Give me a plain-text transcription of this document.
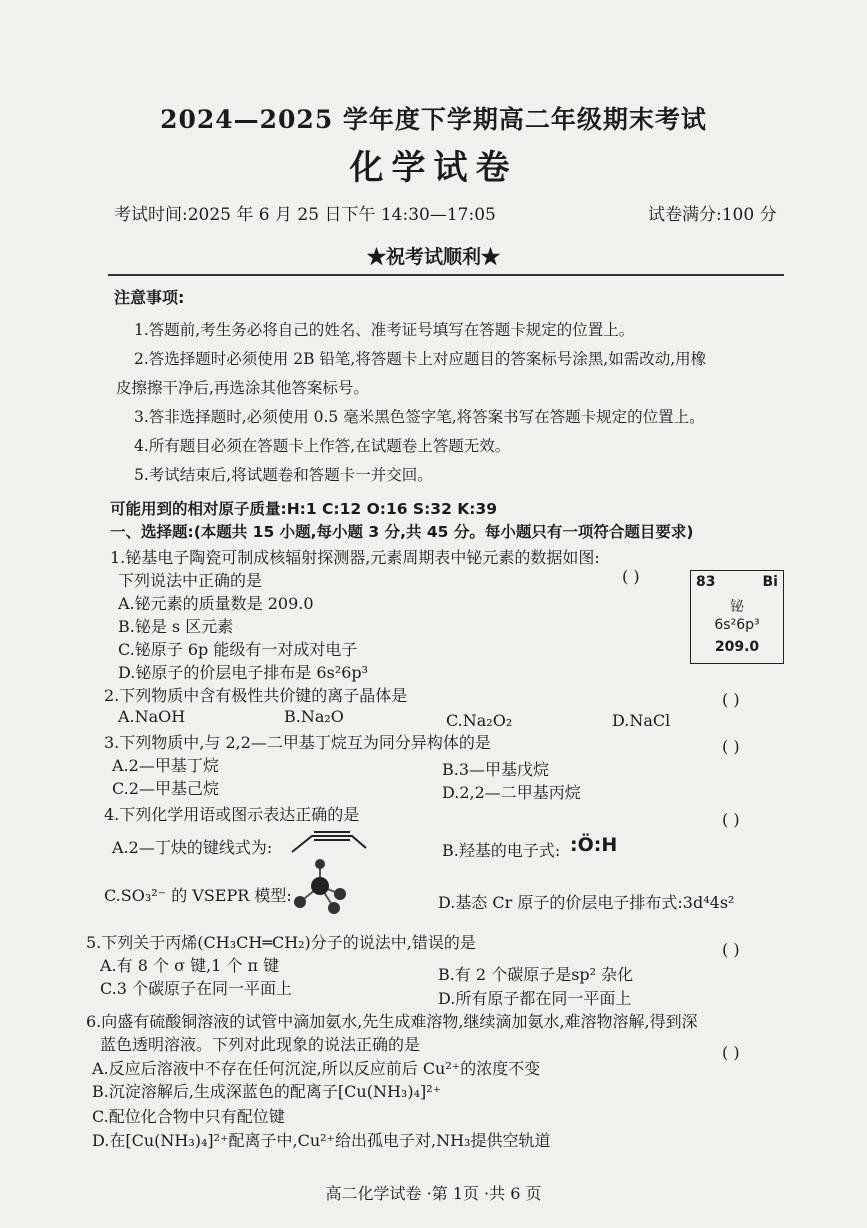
2024—2025 学年度下学期高二年级期末考试
化学试卷
考试时间:2025 年 6 月 25 日下午 14:30—17:05	试卷满分:100 分
★祝考试顺利★
注意事项:
1.答题前,考生务必将自己的姓名、准考证号填写在答题卡规定的位置上。
2.答选择题时必须使用 2B 铅笔,将答题卡上对应题目的答案标号涂黑,如需改动,用橡
皮擦擦干净后,再选涂其他答案标号。
3.答非选择题时,必须使用 0.5 毫米黑色签字笔,将答案书写在答题卡规定的位置上。
4.所有题目必须在答题卡上作答,在试题卷上答题无效。
5.考试结束后,将试题卷和答题卡一并交回。
可能用到的相对原子质量:H:1 C:12 O:16 S:32 K:39
一、选择题:(本题共 15 小题,每小题 3 分,共 45 分。每小题只有一项符合题目要求)
1.铋基电子陶瓷可制成核辐射探测器,元素周期表中铋元素的数据如图:
下列说法中正确的是	( )
A.铋元素的质量数是 209.0
B.铋是 s 区元素
C.铋原子 6p 能级有一对成对电子
D.铋原子的价层电子排布是 6s²6p³
83	Bi
铋
6s²6p³
209.0
2.下列物质中含有极性共价键的离子晶体是	( )
A.NaOH	B.Na₂O	C.Na₂O₂	D.NaCl
3.下列物质中,与 2,2—二甲基丁烷互为同分异构体的是	( )
A.2—甲基丁烷	B.3—甲基戊烷
C.2—甲基己烷	D.2,2—二甲基丙烷
4.下列化学用语或图示表达正确的是	( )
A.2—丁炔的键线式为:	B.羟基的电子式: :Ö:H
C.SO₃²⁻ 的 VSEPR 模型:	D.基态 Cr 原子的价层电子排布式:3d⁴4s²
5.下列关于丙烯(CH₃CH═CH₂)分子的说法中,错误的是	( )
A.有 8 个 σ 键,1 个 π 键	B.有 2 个碳原子是sp² 杂化
C.3 个碳原子在同一平面上
D.所有原子都在同一平面上
6.向盛有硫酸铜溶液的试管中滴加氨水,先生成难溶物,继续滴加氨水,难溶物溶解,得到深
蓝色透明溶液。下列对此现象的说法正确的是	( )
A.反应后溶液中不存在任何沉淀,所以反应前后 Cu²⁺的浓度不变
B.沉淀溶解后,生成深蓝色的配离子[Cu(NH₃)₄]²⁺
C.配位化合物中只有配位键
D.在[Cu(NH₃)₄]²⁺配离子中,Cu²⁺给出孤电子对,NH₃提供空轨道
高二化学试卷 ·第 1页 ·共 6 页
